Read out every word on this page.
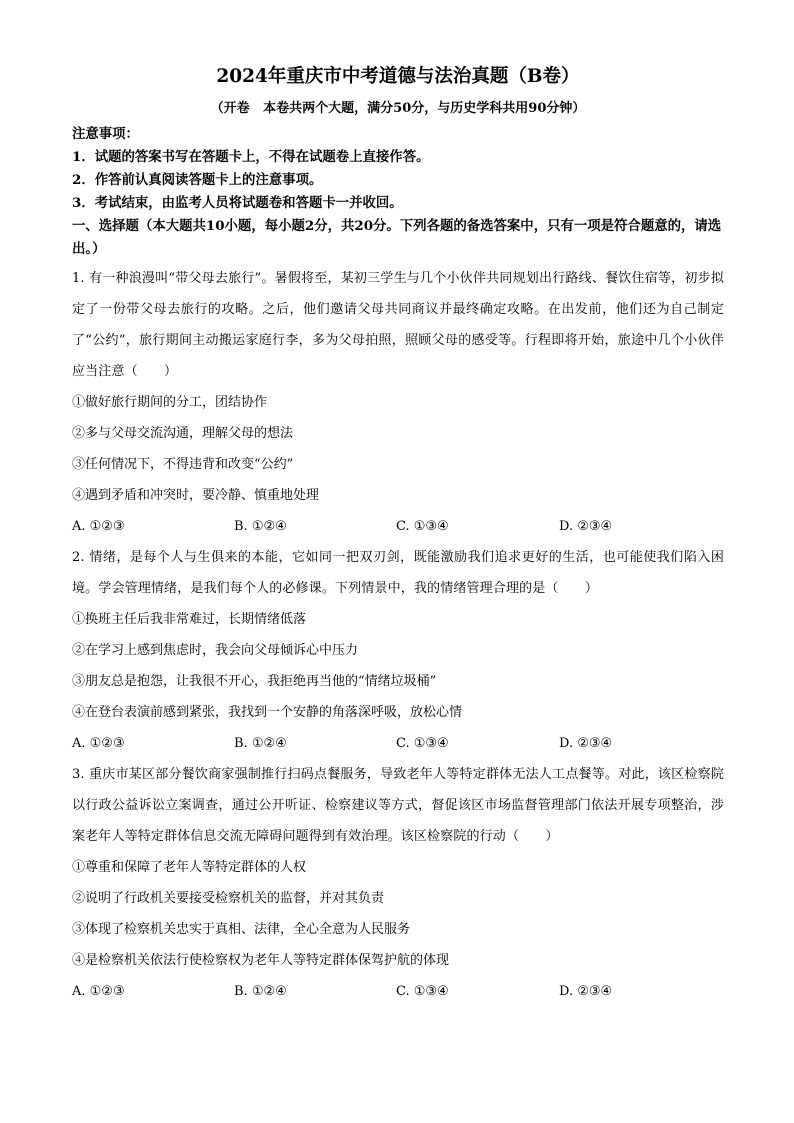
2024年重庆市中考道德与法治真题（B卷）

（开卷   本卷共两个大题，满分50分，与历史学科共用90分钟）

注意事项：

1．试题的答案书写在答题卡上，不得在试题卷上直接作答。

2．作答前认真阅读答题卡上的注意事项。

3．考试结束，由监考人员将试题卷和答题卡一并收回。

一、选择题（本大题共10小题，每小题2分，共20分。下列各题的备选答案中，只有一项是符合题意的，请选出。）

1. 有一种浪漫叫“带父母去旅行”。暑假将至，某初三学生与几个小伙伴共同规划出行路线、餐饮住宿等，初步拟定了一份带父母去旅行的攻略。之后，他们邀请父母共同商议并最终确定攻略。在出发前，他们还为自己制定了“公约”，旅行期间主动搬运家庭行李，多为父母拍照，照顾父母的感受等。行程即将开始，旅途中几个小伙伴应当注意（　　）

①做好旅行期间的分工，团结协作

②多与父母交流沟通，理解父母的想法

③任何情况下，不得违背和改变“公约”

④遇到矛盾和冲突时，要冷静、慎重地处理

A. ①②③	B. ①②④	C. ①③④	D. ②③④

2. 情绪，是每个人与生俱来的本能，它如同一把双刃剑，既能激励我们追求更好的生活，也可能使我们陷入困境。学会管理情绪，是我们每个人的必修课。下列情景中，我的情绪管理合理的是（　　）

①换班主任后我非常难过，长期情绪低落

②在学习上感到焦虑时，我会向父母倾诉心中压力

③朋友总是抱怨，让我很不开心，我拒绝再当他的“情绪垃圾桶”

④在登台表演前感到紧张，我找到一个安静的角落深呼吸，放松心情

A. ①②③	B. ①②④	C. ①③④	D. ②③④

3. 重庆市某区部分餐饮商家强制推行扫码点餐服务，导致老年人等特定群体无法人工点餐等。对此，该区检察院以行政公益诉讼立案调查，通过公开听证、检察建议等方式，督促该区市场监督管理部门依法开展专项整治，涉案老年人等特定群体信息交流无障碍问题得到有效治理。该区检察院的行动（　　）

①尊重和保障了老年人等特定群体的人权

②说明了行政机关要接受检察机关的监督，并对其负责

③体现了检察机关忠实于真相、法律，全心全意为人民服务

④是检察机关依法行使检察权为老年人等特定群体保驾护航的体现

A. ①②③	B. ①②④	C. ①③④	D. ②③④
